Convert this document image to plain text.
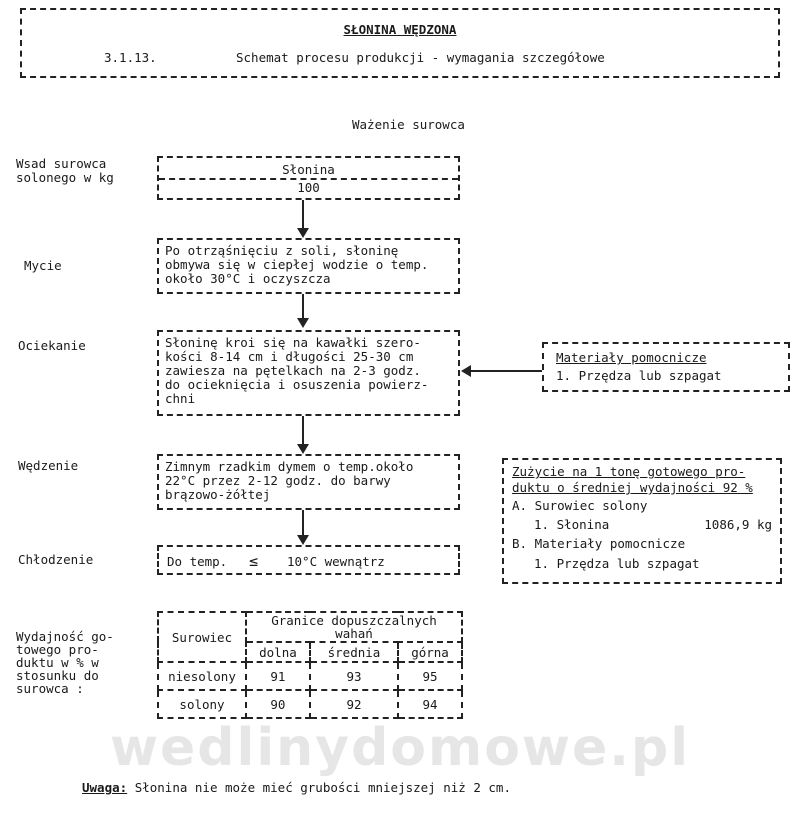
SŁONINA WĘDZONA
3.1.13.	Schemat procesu produkcji - wymagania szczegółowe
Ważenie surowca
Wsad surowca
solonego w kg
Słonina
100
Mycie
Po otrząśnięciu z soli, słoninę
obmywa się w ciepłej wodzie o temp.
około 30°C i oczyszcza
Ociekanie	Słoninę kroi się na kawałki szero-
kości 8-14 cm i długości 25-30 cm
zawiesza na pętelkach na 2-3 godz.
do ocieknięcia i osuszenia powierz-
chni
Materiały pomocnicze
1. Przędza lub szpagat
Wędzenie	Zimnym rzadkim dymem o temp.około
22°C przez 2-12 godz. do barwy
brązowo-żółtej
Chłodzenie	Do temp. ≤ 10°C wewnątrz
Zużycie na 1 tonę gotowego pro-
duktu o średniej wydajności 92 %
A. Surowiec solony
1. Słonina	1086,9 kg
B. Materiały pomocnicze
1. Przędza lub szpagat
Wydajność go-
towego pro-
duktu w % w
stosunku do
surowca :
Surowiec	Granice dopuszczalnych
wahań		

	dolna	średnia	górna
niesolony	91	93	95
solony	90	92	94
wedlinydomowe.pl
Uwaga: Słonina nie może mieć grubości mniejszej niż 2 cm.
